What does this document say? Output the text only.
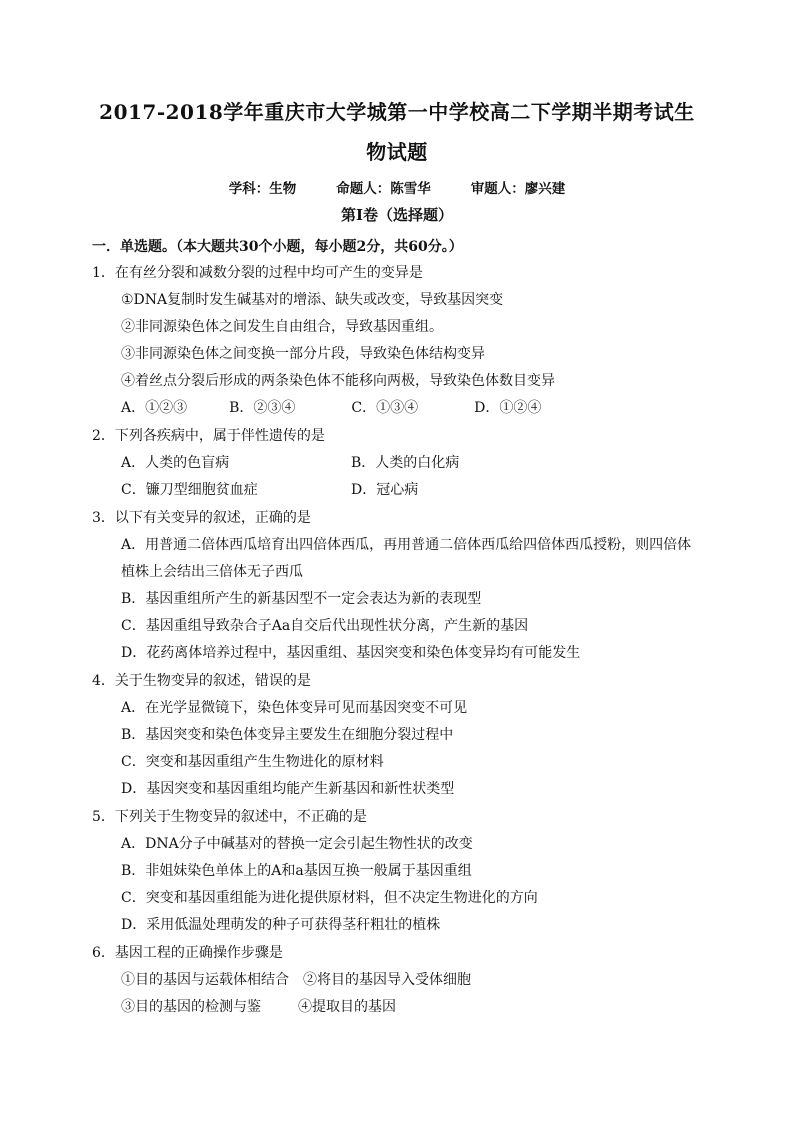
2017-2018学年重庆市大学城第一中学校高二下学期半期考试生
物试题
学科：生物	命题人：陈雪华	审题人：廖兴建
第Ⅰ卷（选择题）
一．单选题。（本大题共30个小题，每小题2分，共60分。）
1．在有丝分裂和减数分裂的过程中均可产生的变异是
①DNA复制时发生碱基对的增添、缺失或改变，导致基因突变
②非同源染色体之间发生自由组合，导致基因重组。
③非同源染色体之间变换一部分片段，导致染色体结构变异
④着丝点分裂后形成的两条染色体不能移向两极，导致染色体数目变异
A．①②③　　　B．②③④　　　　C．①③④　　　　D．①②④
2．下列各疾病中，属于伴性遗传的是
A．人类的色盲病	B．人类的白化病
C．镰刀型细胞贫血症	D．冠心病
3．以下有关变异的叙述，正确的是
A．用普通二倍体西瓜培育出四倍体西瓜，再用普通二倍体西瓜给四倍体西瓜授粉，则四倍体
植株上会结出三倍体无子西瓜
B．基因重组所产生的新基因型不一定会表达为新的表现型
C．基因重组导致杂合子Aa自交后代出现性状分离，产生新的基因
D．花药离体培养过程中，基因重组、基因突变和染色体变异均有可能发生
4．关于生物变异的叙述，错误的是
A．在光学显微镜下，染色体变异可见而基因突变不可见
B．基因突变和染色体变异主要发生在细胞分裂过程中
C．突变和基因重组产生生物进化的原材料
D．基因突变和基因重组均能产生新基因和新性状类型
5．下列关于生物变异的叙述中，不正确的是
A．DNA分子中碱基对的替换一定会引起生物性状的改变
B．非姐妹染色单体上的A和a基因互换一般属于基因重组
C．突变和基因重组能为进化提供原材料，但不决定生物进化的方向
D．采用低温处理萌发的种子可获得茎秆粗壮的植株
6．基因工程的正确操作步骤是
①目的基因与运载体相结合　②将目的基因导入受体细胞
③目的基因的检测与鉴	④提取目的基因
